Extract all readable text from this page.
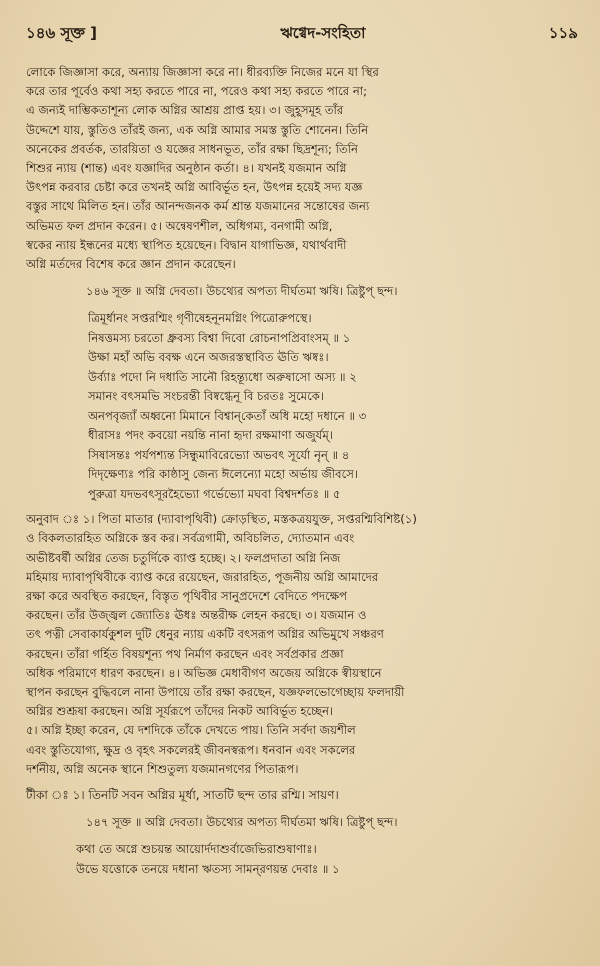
১৪৬ সূক্ত ]	ঋগ্বেদ-সংহিতা	১১৯
লোকে জিজ্ঞাসা করে, অন্যায় জিজ্ঞাসা করে না। ধীরব্যক্তি নিজের মনে যা স্থির
করে তার পূর্বেও কথা সহ্য করতে পারে না, পরেও কথা সহ্য করতে পারে না;
এ জন্যই দাম্ভিকতাশূন্য লোক অগ্নির আশ্রয় প্রাপ্ত হয়। ৩। জুহূসমূহ তাঁর
উদ্দেশে যায়, স্তুতিও তাঁরই জন্য, এক অগ্নি আমার সমস্ত স্তুতি শোনেন। তিনি
অনেকের প্রবর্তক, তারয়িতা ও যজ্ঞের সাধনভূত, তাঁর রক্ষা ছিদ্রশূন্য; তিনি
শিশুর ন্যায় (শান্ত) এবং যজ্ঞাদির অনুষ্ঠান কর্তা। ৪। যখনই যজমান অগ্নি
উৎপন্ন করবার চেষ্টা করে তখনই অগ্নি আবির্ভূত হন, উৎপন্ন হয়েই সদ্য যজ্ঞ
বস্তুর সাথে মিলিত হন। তাঁর আনন্দজনক কর্ম শ্রান্ত যজমানের সন্তোষের জন্য
অভিমত ফল প্রদান করেন। ৫। অন্বেষণশীল, অধিগম্য, বনগামী অগ্নি,
স্বকের ন্যায় ইন্ধনের মধ্যে স্থাপিত হয়েছেন। বিদ্বান যাগাভিজ্ঞ, যথার্থবাদী
অগ্নি মর্তদের বিশেষ করে জ্ঞান প্রদান করেছেন।
১৪৬ সূক্ত ॥ অগ্নি দেবতা। উচথ্যের অপত্য দীর্ঘতমা ঋষি। ত্রিষ্টুপ্ ছন্দ।
ত্রিমূর্ধানং সপ্তরশ্মিং গৃণীষেহনূনমগ্নিং পিত্রোরুপস্থে।
নিষত্তমস্য চরতো ধ্রুবস্য বিশ্বা দিবো রোচনাপপ্রিবাংসম্ ॥ ১
উক্ষা মহাঁ অভি ববক্ষ এনে অজরস্তস্থাবিত ঊতি ঋষ্বঃ।
উর্ব্যাঃ পদো নি দধাতি সানৌ রিহন্ত্যূধো অরুষাসো অস্য ॥ ২
সমানং বৎসমভি সংচরন্তী বিষ্বগ্ধেনূ বি চরতঃ সুমেকে।
অনপবৃজ্যাঁ অধ্বনো মিমানে বিশ্বান্‌কেতাঁ অধি মহো দধানে ॥ ৩
ধীরাসঃ পদং কবয়ো নয়ন্তি নানা হৃদা রক্ষমাণা অজুর্যম্।
সিষাসন্তঃ পর্যপশ্যন্ত সিন্ধুমাবিরেভ্যো অভবৎ সূর্যো নৄন্ ॥ ৪
দিদৃক্ষেণ্যঃ পরি কাষ্ঠাসু জেন্য ঈলেন্যো মহো অর্ভায় জীবসে।
পুরুত্রা যদভবৎসূরহৈভ্যো গর্ভেভ্যো মঘবা বিশ্বদর্শতঃ ॥ ৫
অনুবাদ ঃ ১। পিতা মাতার (দ্যাবাপৃথিবী) ক্রোড়স্থিত, মস্তকত্রয়যুক্ত, সপ্তরশ্মিবিশিষ্ট(১)
ও বিকলতারহিত অগ্নিকে স্তব কর। সর্বত্রগামী, অবিচলিত, দ্যোতমান এবং
অভীষ্টবর্ষী অগ্নির তেজ চতুর্দিকে ব্যাপ্ত হচ্ছে। ২। ফলপ্রদাতা অগ্নি নিজ
মহিমায় দ্যাবাপৃথিবীকে ব্যাপ্ত করে রয়েছেন, জরারহিত, পূজনীয় অগ্নি আমাদের
রক্ষা করে অবস্থিত করছেন, বিস্তৃত পৃথিবীর সানুপ্রদেশে বেদিতে পদক্ষেপ
করছেন। তাঁর উজ্জ্বল জ্যোতিঃ ঊধঃ অন্তরীক্ষ লেহন করছে। ৩। যজমান ও
তৎ পত্নী সেবাকার্যকুশল দুটি ধেনুর ন্যায় একটি বৎসরূপ অগ্নির অভিমুখে সঞ্চরণ
করছেন। তাঁরা গর্হিত বিষয়শূন্য পথ নির্মাণ করছেন এবং সর্বপ্রকার প্রজ্ঞা
অধিক পরিমাণে ধারণ করছেন। ৪। অভিজ্ঞ মেধাবীগণ অজেয় অগ্নিকে স্বীয়স্থানে
স্থাপন করছেন বুদ্ধিবলে নানা উপায়ে তাঁর রক্ষা করছেন, যজ্ঞফলভোগেচ্ছায় ফলদায়ী
অগ্নির শুশ্রূষা করছেন। অগ্নি সূর্যরূপে তাঁদের নিকট আবির্ভূত হচ্ছেন।
৫। অগ্নি ইচ্ছা করেন, যে দশদিকে তাঁকে দেখতে পায়। তিনি সর্বদা জয়শীল
এবং স্তুতিযোগ্য, ক্ষুদ্র ও বৃহৎ সকলেরই জীবনস্বরূপ। ধনবান এবং সকলের
দর্শনীয়, অগ্নি অনেক স্থানে শিশুতুল্য যজমানগণের পিতারূপ।
টীকা ঃ ১। তিনটি সবন অগ্নির মূর্ধা, সাতটি ছন্দ তার রশ্মি। সায়ণ।
১৪৭ সূক্ত ॥ অগ্নি দেবতা। উচথ্যের অপত্য দীর্ঘতমা ঋষি। ত্রিষ্টুপ্ ছন্দ।
কথা তে অগ্নে শুচয়ন্ত আয়োর্দদাশুর্বাজেভিরাশুষাণাঃ।
উভে যত্তোকে তনয়ে দধানা ঋতস্য সামন্‌রণয়ন্ত দেবাঃ ॥ ১
